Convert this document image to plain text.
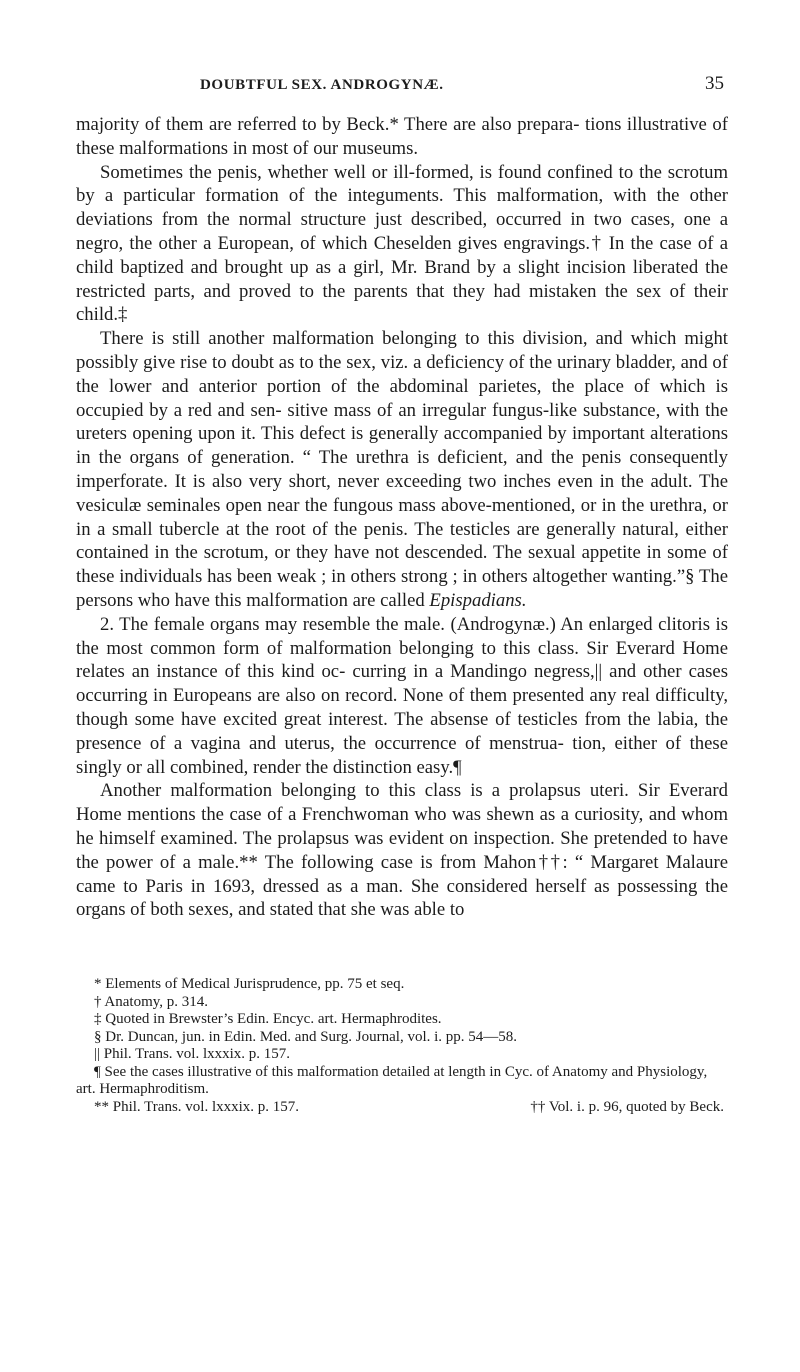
DOUBTFUL SEX. ANDROGYNÆ.	35

majority of them are referred to by Beck.* There are also prepara- tions illustrative of these malformations in most of our museums.

Sometimes the penis, whether well or ill-formed, is found confined to the scrotum by a particular formation of the integuments. This malformation, with the other deviations from the normal structure just described, occurred in two cases, one a negro, the other a European, of which Cheselden gives engravings.† In the case of a child baptized and brought up as a girl, Mr. Brand by a slight incision liberated the restricted parts, and proved to the parents that they had mistaken the sex of their child.‡

There is still another malformation belonging to this division, and which might possibly give rise to doubt as to the sex, viz. a deficiency of the urinary bladder, and of the lower and anterior portion of the abdominal parietes, the place of which is occupied by a red and sen- sitive mass of an irregular fungus-like substance, with the ureters opening upon it. This defect is generally accompanied by important alterations in the organs of generation. “ The urethra is deficient, and the penis consequently imperforate. It is also very short, never exceeding two inches even in the adult. The vesiculæ seminales open near the fungous mass above-mentioned, or in the urethra, or in a small tubercle at the root of the penis. The testicles are generally natural, either contained in the scrotum, or they have not descended. The sexual appetite in some of these individuals has been weak ; in others strong ; in others altogether wanting.”§ The persons who have this malformation are called Epispadians.

2. The female organs may resemble the male. (Androgynæ.) An enlarged clitoris is the most common form of malformation belonging to this class. Sir Everard Home relates an instance of this kind oc- curring in a Mandingo negress,|| and other cases occurring in Europeans are also on record. None of them presented any real difficulty, though some have excited great interest. The absense of testicles from the labia, the presence of a vagina and uterus, the occurrence of menstrua- tion, either of these singly or all combined, render the distinction easy.¶

Another malformation belonging to this class is a prolapsus uteri. Sir Everard Home mentions the case of a Frenchwoman who was shewn as a curiosity, and whom he himself examined. The prolapsus was evident on inspection. She pretended to have the power of a male.** The following case is from Mahon††: “ Margaret Malaure came to Paris in 1693, dressed as a man. She considered herself as possessing the organs of both sexes, and stated that she was able to

* Elements of Medical Jurisprudence, pp. 75 et seq.

† Anatomy, p. 314.

‡ Quoted in Brewster’s Edin. Encyc. art. Hermaphrodites.

§ Dr. Duncan, jun. in Edin. Med. and Surg. Journal, vol. i. pp. 54—58.

|| Phil. Trans. vol. lxxxix. p. 157.

¶ See the cases illustrative of this malformation detailed at length in Cyc. of Anatomy and Physiology, art. Hermaphroditism.

** Phil. Trans. vol. lxxxix. p. 157.	†† Vol. i. p. 96, quoted by Beck.
